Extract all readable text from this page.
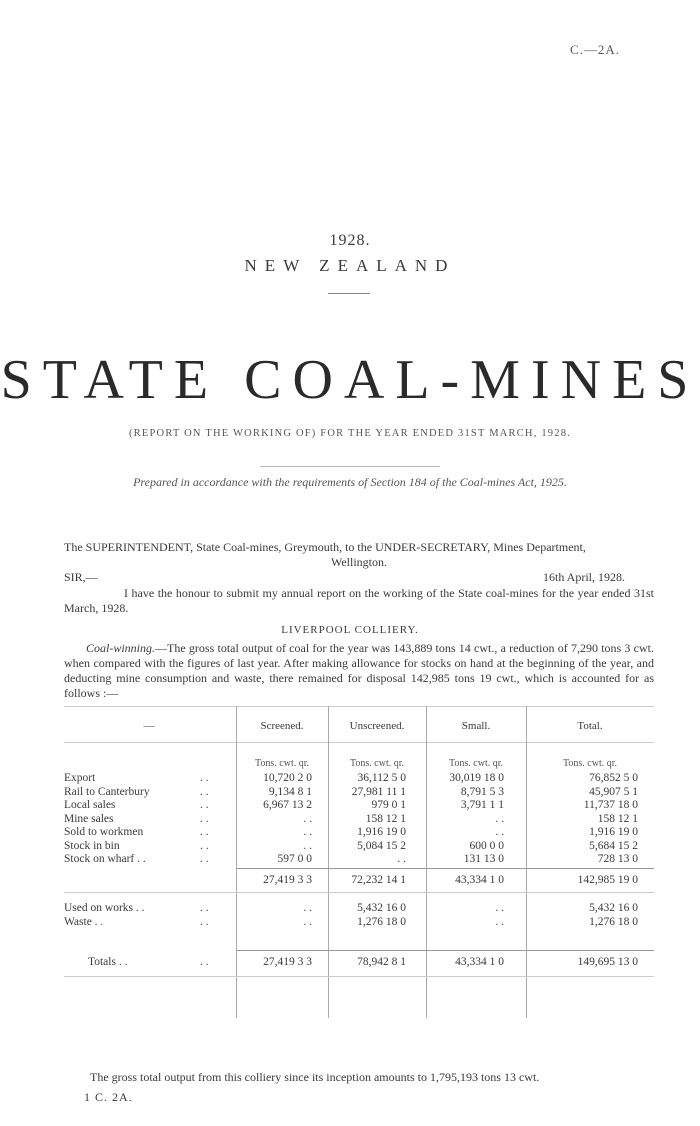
C.—2A.
1928.
NEW ZEALAND
STATE COAL-MINES
(REPORT ON THE WORKING OF) FOR THE YEAR ENDED 31ST MARCH, 1928.
Prepared in accordance with the requirements of Section 184 of the Coal-mines Act, 1925.
The SUPERINTENDENT, State Coal-mines, Greymouth, to the UNDER-SECRETARY, Mines Department,
Wellington.
SIR,—	16th April, 1928.
I have the honour to submit my annual report on the working of the State coal-mines for the year ended 31st March, 1928.
LIVERPOOL COLLIERY.
Coal-winning.—The gross total output of coal for the year was 143,889 tons 14 cwt., a reduction of 7,290 tons 3 cwt. when compared with the figures of last year. After making allowance for stocks on hand at the beginning of the year, and deducting mine consumption and waste, there remained for disposal 142,985 tons 19 cwt., which is accounted for as follows :—
—	Screened.	Unscreened.	Small.	Total.
Tons. cwt. qr.	Tons. cwt. qr.	Tons. cwt. qr.	Tons. cwt. qr.
Export	. .	10,720 2 0	36,112 5 0	30,019 18 0	76,852 5 0
Rail to Canterbury	. .	9,134 8 1	27,981 11 1	8,791 5 3	45,907 5 1
Local sales	. .	6,967 13 2	979 0 1	3,791 1 1	11,737 18 0
Mine sales	. .	. .	158 12 1	. .	158 12 1
Sold to workmen	. .	. .	1,916 19 0	. .	1,916 19 0
Stock in bin	. .	. .	5,084 15 2	600 0 0	5,684 15 2
Stock on wharf . .	. .	597 0 0	. .	131 13 0	728 13 0
27,419 3 3	72,232 14 1	43,334 1 0	142,985 19 0
Used on works . .	. .	. .	5,432 16 0	. .	5,432 16 0
Waste . .	. .	. .	1,276 18 0	. .	1,276 18 0
Totals . .	. .	27,419 3 3	78,942 8 1	43,334 1 0	149,695 13 0
The gross total output from this colliery since its inception amounts to 1,795,193 tons 13 cwt.
1 C. 2A.
